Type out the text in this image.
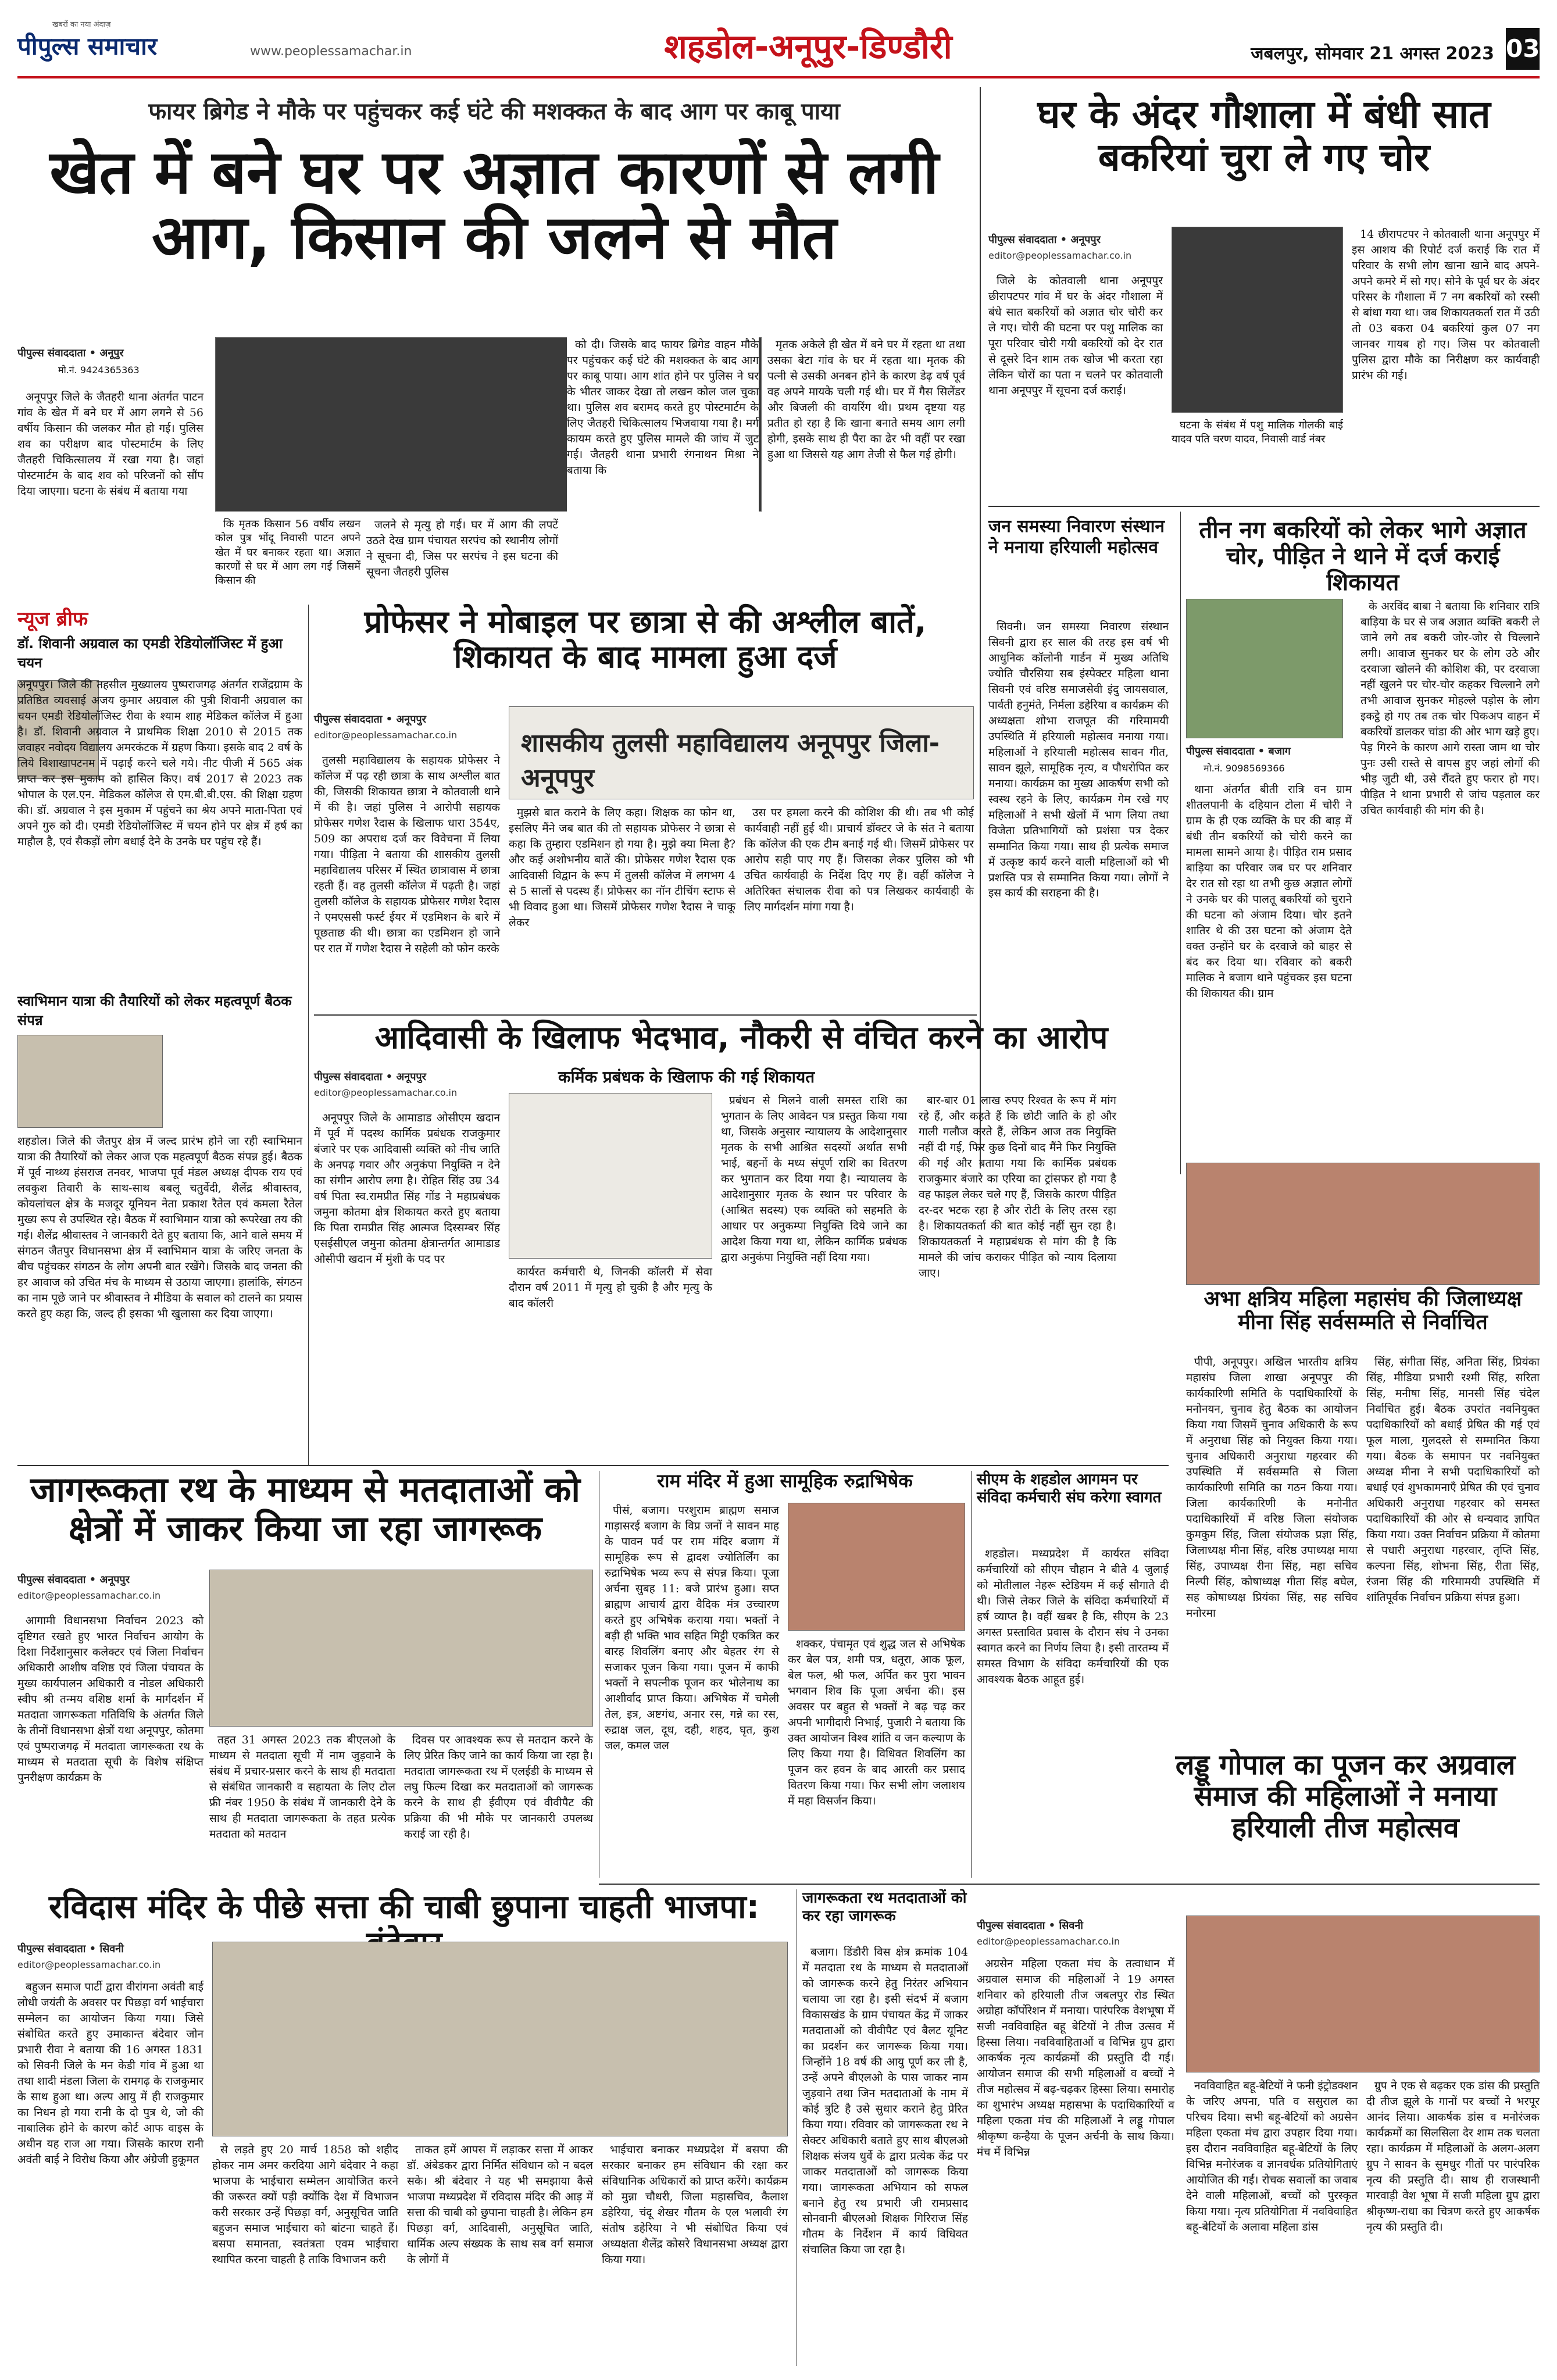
पीपुल्स समाचार
खबरों का नया अंदाज़
www.peoplessamachar.in	शहडोल-अनूपुर-डिण्डौरी	जबलपुर, सोमवार 21 अगस्त 2023 03
फायर ब्रिगेड ने मौके पर पहुंचकर कई घंटे की मशक्कत के बाद आग पर काबू पाया
खेत में बने घर पर अज्ञात कारणों से लगी आग, किसान की जलने से मौत
पीपुल्स संवाददाता • अनूपुर
मो.नं. 9424365363

अनूपपुर जिले के जैतहरी थाना अंतर्गत पाटन गांव के खेत में बने घर में आग लगने से 56 वर्षीय किसान की जलकर मौत हो गई। पुलिस शव का परीक्षण बाद पोस्टमार्टम के लिए जैतहरी चिकित्सालय में रखा गया है। जहां पोस्टमार्टम के बाद शव को परिजनों को सौंप दिया जाएगा। घटना के संबंध में बताया गया

कि मृतक किसान 56 वर्षीय लखन कोल पुत्र भोंदू निवासी पाटन अपने खेत में घर बनाकर रहता था। अज्ञात कारणों से घर में आग लग गई जिसमें किसान की

जलने से मृत्यु हो गई। घर में आग की लपटें उठते देख ग्राम पंचायत सरपंच को स्थानीय लोगों ने सूचना दी, जिस पर सरपंच ने इस घटना की सूचना जैतहरी पुलिस

को दी। जिसके बाद फायर ब्रिगेड वाहन मौके पर पहुंचकर कई घंटे की मशक्कत के बाद आग पर काबू पाया। आग शांत होने पर पुलिस ने घर के भीतर जाकर देखा तो लखन कोल जल चुका था। पुलिस शव बरामद करते हुए पोस्टमार्टम के लिए जैतहरी चिकित्सालय भिजवाया गया है। मर्ग कायम करते हुए पुलिस मामले की जांच में जुट गई। जैतहरी थाना प्रभारी रंगनाथन मिश्रा ने बताया कि

मृतक अकेले ही खेत में बने घर में रहता था तथा उसका बेटा गांव के घर में रहता था। मृतक की पत्नी से उसकी अनबन होने के कारण डेढ़ वर्ष पूर्व वह अपने मायके चली गई थी। घर में गैस सिलेंडर और बिजली की वायरिंग थी। प्रथम दृष्टया यह प्रतीत हो रहा है कि खाना बनाते समय आग लगी होगी, इसके साथ ही पैरा का ढेर भी वहीं पर रखा हुआ था जिससे यह आग तेजी से फैल गई होगी।

घर के अंदर गौशाला में बंधी सात बकरियां चुरा ले गए चोर
पीपुल्स संवाददाता • अनूपपुर
editor@peoplessamachar.co.in

जिले के कोतवाली थाना अनूपपुर छीरापटपर गांव में घर के अंदर गौशाला में बंधे सात बकरियों को अज्ञात चोर चोरी कर ले गए। चोरी की घटना पर पशु मालिक का पूरा परिवार चोरी गयी बकरियों को देर रात से दूसरे दिन शाम तक खोज भी करता रहा लेकिन चोरों का पता न चलने पर कोतवाली थाना अनूपपुर में सूचना दर्ज कराई।

घटना के संबंध में पशु मालिक गोलकी बाई यादव पति चरण यादव, निवासी वार्ड नंबर

14 छीरापटपर ने कोतवाली थाना अनूपपुर में इस आशय की रिपोर्ट दर्ज कराई कि रात में परिवार के सभी लोग खाना खाने बाद अपने-अपने कमरे में सो गए। सोने के पूर्व घर के अंदर परिसर के गौशाला में 7 नग बकरियों को रस्सी से बांधा गया था। जब शिकायतकर्ता रात में उठी तो 03 बकरा 04 बकरियां कुल 07 नग जानवर गायब हो गए। जिस पर कोतवाली पुलिस द्वारा मौके का निरीक्षण कर कार्यवाही प्रारंभ की गई।

जन समस्या निवारण संस्थान ने मनाया हरियाली महोत्सव

सिवनी। जन समस्या निवारण संस्थान सिवनी द्वारा हर साल की तरह इस वर्ष भी आधुनिक कॉलोनी गार्डन में मुख्य अतिथि ज्योति चौरसिया सब इंस्पेक्टर महिला थाना सिवनी एवं वरिष्ठ समाजसेवी इंदु जायसवाल, पार्वती हनुमंते, निर्मला डहेरिया व कार्यक्रम की अध्यक्षता शोभा राजपूत की गरिमामयी उपस्थिति में हरियाली महोत्सव मनाया गया। महिलाओं ने हरियाली महोत्सव सावन गीत, सावन झूले, सामूहिक नृत्य, व पौधरोपित कर मनाया। कार्यक्रम का मुख्य आकर्षण सभी को स्वस्थ रहने के लिए, कार्यक्रम गेम रखे गए महिलाओं ने सभी खेलों में भाग लिया तथा विजेता प्रतिभागियों को प्रशंसा पत्र देकर सम्मानित किया गया। साथ ही प्रत्येक समाज में उत्कृष्ट कार्य करने वाली महिलाओं को भी प्रशस्ति पत्र से सम्मानित किया गया। लोगों ने इस कार्य की सराहना की है।

तीन नग बकरियों को लेकर भागे अज्ञात चोर, पीड़ित ने थाने में दर्ज कराई शिकायत
पीपुल्स संवाददाता • बजाग
मो.नं. 9098569366

थाना अंतर्गत बीती रात्रि वन ग्राम शीतलपानी के दहियान टोला में चोरी ने ग्राम के ही एक व्यक्ति के घर की बाड़ में बंधी तीन बकरियों को चोरी करने का मामला सामने आया है। पीड़ित राम प्रसाद बाड़िया का परिवार जब घर पर शनिवार देर रात सो रहा था तभी कुछ अज्ञात लोगों ने उनके घर की पालतू बकरियों को चुराने की घटना को अंजाम दिया। चोर इतने शातिर थे की उस घटना को अंजाम देते वक्त उन्होंने घर के दरवाजे को बाहर से बंद कर दिया था। रविवार को बकरी मालिक ने बजाग थाने पहुंचकर इस घटना की शिकायत की। ग्राम

के अरविंद बाबा ने बताया कि शनिवार रात्रि बाड़िया के घर से जब अज्ञात व्यक्ति बकरी ले जाने लगे तब बकरी जोर-जोर से चिल्लाने लगी। आवाज सुनकर घर के लोग उठे और दरवाजा खोलने की कोशिश की, पर दरवाजा नहीं खुलने पर चोर-चोर कहकर चिल्लाने लगे तभी आवाज सुनकर मोहल्ले पड़ोस के लोग इकट्ठे हो गए तब तक चोर पिकअप वाहन में बकरियों डालकर चांडा की ओर भाग खड़े हुए। पेड़ गिरने के कारण आगे रास्ता जाम था चोर पुनः उसी रास्ते से वापस हुए जहां लोगों की भीड़ जुटी थी, उसे रौंदते हुए फरार हो गए। पीड़ित ने थाना प्रभारी से जांच पड़ताल कर उचित कार्यवाही की मांग की है।

न्यूज ब्रीफ
डॉ. शिवानी अग्रवाल का एमडी रेडियोलॉजिस्ट में हुआ चयन

अनूपपुर। जिले की तहसील मुख्यालय पुष्पराजगढ़ अंतर्गत राजेंद्रग्राम के प्रतिष्ठित व्यवसाई अजय कुमार अग्रवाल की पुत्री शिवानी अग्रवाल का चयन एमडी रेडियोलॉजिस्ट रीवा के श्याम शाह मेडिकल कॉलेज में हुआ है। डॉ. शिवानी अग्रवाल ने प्राथमिक शिक्षा 2010 से 2015 तक जवाहर नवोदय विद्यालय अमरकंटक में ग्रहण किया। इसके बाद 2 वर्ष के लिये विशाखापटनम में पढ़ाई करने चले गये। नीट पीजी में 565 अंक प्राप्त कर इस मुकाम को हासिल किए। वर्ष 2017 से 2023 तक भोपाल के एल.एन. मेडिकल कॉलेज से एम.बी.बी.एस. की शिक्षा ग्रहण की। डॉ. अग्रवाल ने इस मुकाम में पहुंचने का श्रेय अपने माता-पिता एवं अपने गुरु को दी। एमडी रेडियोलॉजिस्ट में चयन होने पर क्षेत्र में हर्ष का माहौल है, एवं सैकड़ों लोग बधाई देने के उनके घर पहुंच रहे हैं।

स्वाभिमान यात्रा की तैयारियों को लेकर महत्वपूर्ण बैठक संपन्न

शहडोल। जिले की जैतपुर क्षेत्र में जल्द प्रारंभ होने जा रही स्वाभिमान यात्रा की तैयारियों को लेकर आज एक महत्वपूर्ण बैठक संपन्न हुई। बैठक में पूर्व नाथ्थ्य हंसराज तनवर, भाजपा पूर्व मंडल अध्यक्ष दीपक राय एवं लवकुश तिवारी के साथ-साथ बबलू चतुर्वेदी, शैलेंद्र श्रीवास्तव, कोयलांचल क्षेत्र के मजदूर यूनियन नेता प्रकाश रैतेल एवं कमला रैतेल मुख्य रूप से उपस्थित रहे। बैठक में स्वाभिमान यात्रा को रूपरेखा तय की गई। शैलेंद्र श्रीवास्तव ने जानकारी देते हुए बताया कि, आने वाले समय में संगठन जैतपुर विधानसभा क्षेत्र में स्वाभिमान यात्रा के जरिए जनता के बीच पहुंचकर संगठन के लोग अपनी बात रखेंगे। जिसके बाद जनता की हर आवाज को उचित मंच के माध्यम से उठाया जाएगा। हालांकि, संगठन का नाम पूछे जाने पर श्रीवास्तव ने मीडिया के सवाल को टालने का प्रयास करते हुए कहा कि, जल्द ही इसका भी खुलासा कर दिया जाएगा।

प्रोफेसर ने मोबाइल पर छात्रा से की अश्लील बातें, शिकायत के बाद मामला हुआ दर्ज
पीपुल्स संवाददाता • अनूपपुर
editor@peoplessamachar.co.in	शासकीय तुलसी महाविद्यालय अनूपपुर जिला-अनूपपुर

तुलसी महाविद्यालय के सहायक प्रोफेसर ने कॉलेज में पढ़ रही छात्रा के साथ अश्लील बात की, जिसकी शिकायत छात्रा ने कोतवाली थाने में की है। जहां पुलिस ने आरोपी सहायक प्रोफेसर गणेश रैदास के खिलाफ धारा 354ए, 509 का अपराध दर्ज कर विवेचना में लिया गया। पीड़िता ने बताया की शासकीय तुलसी महाविद्यालय परिसर में स्थित छात्रावास में छात्रा रहती हैं। वह तुलसी कॉलेज में पढ़ती है। जहां तुलसी कॉलेज के सहायक प्रोफेसर गणेश रैदास ने एमएससी फर्स्ट ईयर में एडमिशन के बारे में पूछताछ की थी। छात्रा का एडमिशन हो जाने पर रात में गणेश रैदास ने सहेली को फोन करके

मुझसे बात कराने के लिए कहा। शिक्षक का फोन था, इसलिए मैंने जब बात की तो सहायक प्रोफेसर ने छात्रा से कहा कि तुम्हारा एडमिशन हो गया है। मुझे क्या मिला है? और कई अशोभनीय बातें की। प्रोफेसर गणेश रैदास एक आदिवासी विद्वान के रूप में तुलसी कॉलेज में लगभग 4 से 5 सालों से पदस्थ हैं। प्रोफेसर का नॉन टीचिंग स्टाफ से भी विवाद हुआ था। जिसमें प्रोफेसर गणेश रैदास ने चाकू लेकर

उस पर हमला करने की कोशिश की थी। तब भी कोई कार्यवाही नहीं हुई थी। प्राचार्य डॉक्टर जे के संत ने बताया कि कॉलेज की एक टीम बनाई गई थी। जिसमें प्रोफेसर पर आरोप सही पाए गए हैं। जिसका लेकर पुलिस को भी उचित कार्यवाही के निर्देश दिए गए हैं। वहीं कॉलेज ने अतिरिक्त संचालक रीवा को पत्र लिखकर कार्यवाही के लिए मार्गदर्शन मांगा गया है।

आदिवासी के खिलाफ भेदभाव, नौकरी से वंचित करने का आरोप
पीपुल्स संवाददाता • अनूपपुर
editor@peoplessamachar.co.in
कर्मिक प्रबंधक के खिलाफ की गई शिकायत

कार्यरत कर्मचारी थे, जिनकी कॉलरी में सेवा दौरान वर्ष 2011 में मृत्यु हो चुकी है और मृत्यु के बाद कॉलरी

अनूपपुर जिले के आमाडाड ओसीएम खदान में पूर्व में पदस्थ कार्मिक प्रबंधक राजकुमार बंजारे पर एक आदिवासी व्यक्ति को नीच जाति के अनपढ़ गवार और अनुकंपा नियुक्ति न देने का संगीन आरोप लगा है। रोहित सिंह उम्र 34 वर्ष पिता स्व.रामप्रीत सिंह गोंड ने महाप्रबंधक जमुना कोतमा क्षेत्र शिकायत करते हुए बताया कि पिता रामप्रीत सिंह आत्मज दिस्सम्बर सिंह एसईसीएल जमुना कोतमा क्षेत्रान्तर्गत आमाडाड ओसीपी खदान में मुंशी के पद पर

प्रबंधन से मिलने वाली समस्त राशि का भुगतान के लिए आवेदन पत्र प्रस्तुत किया गया था, जिसके अनुसार न्यायालय के आदेशानुसार मृतक के सभी आश्रित सदस्यों अर्थात सभी भाई, बहनों के मध्य संपूर्ण राशि का वितरण कर भुगतान कर दिया गया है। न्यायालय के आदेशानुसार मृतक के स्थान पर परिवार के (आश्रित सदस्य) एक व्यक्ति को सहमति के आधार पर अनुकम्पा नियुक्ति दिये जाने का आदेश किया गया था, लेकिन कार्मिक प्रबंधक द्वारा अनुकंपा नियुक्ति नहीं दिया गया।

बार-बार 01 लाख रुपए रिश्वत के रूप में मांग रहे हैं, और कहते हैं कि छोटी जाति के हो और गाली गलौज करते हैं, लेकिन आज तक नियुक्ति नहीं दी गई, फिर कुछ दिनों बाद मैंने फिर नियुक्ति की गई और बताया गया कि कार्मिक प्रबंधक राजकुमार बंजारे का एरिया का ट्रांसफर हो गया है वह फाइल लेकर चले गए हैं, जिसके कारण पीड़ित दर-दर भटक रहा है और रोटी के लिए तरस रहा है। शिकायतकर्ता की बात कोई नहीं सुन रहा है। शिकायतकर्ता ने महाप्रबंधक से मांग की है कि मामले की जांच कराकर पीड़ित को न्याय दिलाया जाए।

अभा क्षत्रिय महिला महासंघ की जिलाध्यक्ष मीना सिंह सर्वसम्मति से निर्वाचित

पीपी, अनूपपुर। अखिल भारतीय क्षत्रिय महासंघ जिला शाखा अनूपपुर की कार्यकारिणी समिति के पदाधिकारियों के मनोनयन, चुनाव हेतु बैठक का आयोजन किया गया जिसमें चुनाव अधिकारी के रूप में अनुराधा सिंह को नियुक्त किया गया। चुनाव अधिकारी अनुराधा गहरवार की उपस्थिति में सर्वसम्मति से जिला कार्यकारिणी समिति का गठन किया गया। जिला कार्यकारिणी के मनोनीत पदाधिकारियों में वरिष्ठ जिला संयोजक कुमकुम सिंह, जिला संयोजक प्रज्ञा सिंह, जिलाध्यक्ष मीना सिंह, वरिष्ठ उपाध्यक्ष माया सिंह, उपाध्यक्ष रीना सिंह, महा सचिव निल्पी सिंह, कोषाध्यक्ष गीता सिंह बघेल, सह कोषाध्यक्ष प्रियंका सिंह, सह सचिव मनोरमा

सिंह, संगीता सिंह, अनिता सिंह, प्रियंका सिंह, मीडिया प्रभारी रश्मी सिंह, सरिता सिंह, मनीषा सिंह, मानसी सिंह चंदेल निर्वाचित हुई। बैठक उपरांत नवनियुक्त पदाधिकारियों को बधाई प्रेषित की गई एवं फूल माला, गुलदस्ते से सम्मानित किया गया। बैठक के समापन पर नवनियुक्त अध्यक्ष मीना ने सभी पदाधिकारियों को बधाई एवं शुभकामनाएँ प्रेषित की एवं चुनाव अधिकारी अनुराधा गहरवार को समस्त पदाधिकारियों की ओर से धन्यवाद ज्ञापित किया गया। उक्त निर्वाचन प्रक्रिया में कोतमा से पधारी अनुराधा गहरवार, तृप्ति सिंह, कल्पना सिंह, शोभना सिंह, रीता सिंह, रंजना सिंह की गरिमामयी उपस्थिति में शांतिपूर्वक निर्वाचन प्रक्रिया संपन्न हुआ।

जागरूकता रथ के माध्यम से मतदाताओं को क्षेत्रों में जाकर किया जा रहा जागरूक
पीपुल्स संवाददाता • अनूपपुर
editor@peoplessamachar.co.in

आगामी विधानसभा निर्वाचन 2023 को दृष्टिगत रखते हुए भारत निर्वाचन आयोग के दिशा निर्देशानुसार कलेक्टर एवं जिला निर्वाचन अधिकारी आशीष वशिष्ठ एवं जिला पंचायत के मुख्य कार्यपालन अधिकारी व नोडल अधिकारी स्वीप श्री तन्मय वशिष्ठ शर्मा के मार्गदर्शन में मतदाता जागरूकता गतिविधि के अंतर्गत जिले के तीनों विधानसभा क्षेत्रों यथा अनूपपुर, कोतमा एवं पुष्पराजगढ़ में मतदाता जागरूकता रथ के माध्यम से मतदाता सूची के विशेष संक्षिप्त पुनरीक्षण कार्यक्रम के

तहत 31 अगस्त 2023 तक बीएलओ के माध्यम से मतदाता सूची में नाम जुड़वाने के संबंध में प्रचार-प्रसार करने के साथ ही मतदाता से संबंधित जानकारी व सहायता के लिए टोल फ्री नंबर 1950 के संबंध में जानकारी देने के साथ ही मतदाता जागरूकता के तहत प्रत्येक मतदाता को मतदान

दिवस पर आवश्यक रूप से मतदान करने के लिए प्रेरित किए जाने का कार्य किया जा रहा है। मतदाता जागरूकता रथ में एलईडी के माध्यम से लघु फिल्म दिखा कर मतदाताओं को जागरूक करने के साथ ही ईवीएम एवं वीवीपैट की प्रक्रिया की भी मौके पर जानकारी उपलब्ध कराई जा रही है।

राम मंदिर में हुआ सामूहिक रुद्राभिषेक

पीसं, बजाग। परशुराम ब्राह्मण समाज गाड़ासरई बजाग के विप्र जनों ने सावन माह के पावन पर्व पर राम मंदिर बजाग में सामूहिक रूप से द्वादश ज्योतिर्लिंग का रुद्राभिषेक भव्य रूप से संपन्न किया। पूजा अर्चना सुबह 11: बजे प्रारंभ हुआ। सप्त ब्राह्मण आचार्य द्वारा वैदिक मंत्र उच्चारण करते हुए अभिषेक कराया गया। भक्तों ने बड़ी ही भक्ति भाव सहित मिट्टी एकत्रित कर बारह शिवलिंग बनाए और बेहतर रंग से सजाकर पूजन किया गया। पूजन में काफी भक्तों ने सपत्नीक पूजन कर भोलेनाथ का आशीर्वाद प्राप्त किया। अभिषेक में चमेली तेल, इत्र, अष्टगंध, अनार रस, गन्ने का रस, रुद्राक्ष जल, दूध, दही, शहद, घृत, कुश जल, कमल जल

शक्कर, पंचामृत एवं शुद्ध जल से अभिषेक कर बेल पत्र, शमी पत्र, धतूरा, आक फूल, बेल फल, श्री फल, अर्पित कर पुरा भावन भगवान शिव कि पूजा अर्चना की। इस अवसर पर बहुत से भक्तों ने बढ़ चढ़ कर अपनी भागीदारी निभाई, पुजारी ने बताया कि उक्त आयोजन विश्व शांति व जन कल्याण के लिए किया गया है। विधिवत शिवलिंग का पूजन कर हवन के बाद आरती कर प्रसाद वितरण किया गया। फिर सभी लोग जलाशय में महा विसर्जन किया।

सीएम के शहडोल आगमन पर संविदा कर्मचारी संघ करेगा स्वागत

शहडोल। मध्यप्रदेश में कार्यरत संविदा कर्मचारियों को सीएम चौहान ने बीते 4 जुलाई को मोतीलाल नेहरू स्टेडियम में कई सौगाते दी थी। जिसे लेकर जिले के संविदा कर्मचारियों में हर्ष व्याप्त है। वहीं खबर है कि, सीएम के 23 अगस्त प्रस्तावित प्रवास के दौरान संघ ने उनका स्वागत करने का निर्णय लिया है। इसी तारतम्य में समस्त विभाग के संविदा कर्मचारियों की एक आवश्यक बैठक आहूत हुई।

लड्डू गोपाल का पूजन कर अग्रवाल समाज की महिलाओं ने मनाया हरियाली तीज महोत्सव
पीपुल्स संवाददाता • सिवनी
editor@peoplessamachar.co.in

अग्रसेन महिला एकता मंच के तत्वाधान में अग्रवाल समाज की महिलाओं ने 19 अगस्त शनिवार को हरियाली तीज जबलपुर रोड स्थित अग्रोहा कॉर्पोरेशन में मनाया। पारंपरिक वेशभूषा में सजी नवविवाहित बहू बेटियों ने तीज उत्सव में हिस्सा लिया। नवविवाहिताओं व विभिन्न ग्रुप द्वारा आकर्षक नृत्य कार्यक्रमों की प्रस्तुति दी गई। आयोजन समाज की सभी महिलाओं व बच्चों ने तीज महोत्सव में बढ़-चढ़कर हिस्सा लिया। समारोह का शुभारंभ अध्यक्ष महासभा के पदाधिकारियों व महिला एकता मंच की महिलाओं ने लड्डू गोपाल श्रीकृष्ण कन्हैया के पूजन अर्चनी के साथ किया। मंच में विभिन्न

नवविवाहित बहू-बेटियों ने फनी इंट्रोडक्शन के जरिए अपना, पति व ससुराल का परिचय दिया। सभी बहू-बेटियों को अग्रसेन महिला एकता मंच द्वारा उपहार दिया गया। इस दौरान नवविवाहित बहू-बेटियों के लिए विभिन्न मनोरंजक व ज्ञानवर्धक प्रतियोगिताएं आयोजित की गईं। रोचक सवालों का जवाब देने वाली महिलाओं, बच्चों को पुरस्कृत किया गया। नृत्य प्रतियोगिता में नवविवाहित बहू-बेटियों के अलावा महिला डांस

ग्रुप ने एक से बढ़कर एक डांस की प्रस्तुति दी तीज झूले के गानों पर बच्चों ने भरपूर आनंद लिया। आकर्षक डांस व मनोरंजक कार्यक्रमों का सिलसिला देर शाम तक चलता रहा। कार्यक्रम में महिलाओं के अलग-अलग ग्रुप ने सावन के सुमधुर गीतों पर पारंपरिक नृत्य की प्रस्तुति दी। साथ ही राजस्थानी मारवाड़ी वेश भूषा में सजी महिला ग्रुप द्वारा श्रीकृष्ण-राधा का चित्रण करते हुए आकर्षक नृत्य की प्रस्तुति दी।

रविदास मंदिर के पीछे सत्ता की चाबी छुपाना चाहती भाजपा:
पीपुल्स संवाददाता • सिवनी
editor@peoplessamachar.co.in

बहुजन समाज पार्टी द्वारा वीरांगना अवंती बाई लोधी जयंती के अवसर पर पिछड़ा वर्ग भाईचारा सम्मेलन का आयोजन किया गया। जिसे संबोधित करते हुए उमाकान्त बंदेवार जोन प्रभारी रीवा ने बताया की 16 अगस्त 1831 को सिवनी जिले के मन केडी गांव में हुआ था तथा शादी मंडला जिला के रामगढ़ के राजकुमार के साथ हुआ था। अल्प आयु में ही राजकुमार का निधन हो गया रानी के दो पुत्र थे, जो की नाबालिक होने के कारण कोर्ट आफ वाइस के अधीन यह राज आ गया। जिसके कारण रानी अवंती बाई ने विरोध किया और अंग्रेजी हुकूमत

से लड़ते हुए 20 मार्च 1858 को शहीद होकर नाम अमर करदिया आगे बंदेवार ने कहा भाजपा के भाईचारा सम्मेलन आयोजित करने की जरूरत क्यों पड़ी क्योंकि देश में विभाजन करी सरकार उन्हें पिछड़ा वर्ग, अनुसूचित जाति बहुजन समाज भाईचारा को बांटना चाहते हैं। बसपा समानता, स्वतंत्रता एवम भाईचारा स्थापित करना चाहती है ताकि विभाजन करी

ताकत हमें आपस में लड़ाकर सत्ता में आकर डॉ. अंबेडकर द्वारा निर्मित संविधान को न बदल सके। श्री बंदेवार ने यह भी समझाया कैसे भाजपा मध्यप्रदेश में रविदास मंदिर की आड़ में सत्ता की चाबी को छुपाना चाहती है। लेकिन हम पिछड़ा वर्ग, आदिवासी, अनुसूचित जाति, धार्मिक अल्प संख्यक के साथ सब वर्ग समाज के लोगों में

भाईचारा बनाकर मध्यप्रदेश में बसपा की सरकार बनाकर हम संविधान की रक्षा कर संविधानिक अधिकारों को प्राप्त करेंगे। कार्यक्रम को मुन्ना चौधरी, जिला महासचिव, कैलाश डहेरिया, चंदू शेखर गौतम के एल भलावी रंग संतोष डहेरिया ने भी संबोधित किया एवं अध्यक्षता शैलेंद्र कोसरे विधानसभा अध्यक्ष द्वारा किया गया।

जागरूकता रथ मतदाताओं को कर रहा जागरूक

बजाग। डिंडौरी विस क्षेत्र क्रमांक 104 में मतदाता रथ के माध्यम से मतदाताओं को जागरूक करने हेतु निरंतर अभियान चलाया जा रहा है। इसी संदर्भ में बजाग विकासखंड के ग्राम पंचायत केंद्र में जाकर मतदाताओं को वीवीपैट एवं बैलट यूनिट का प्रदर्शन कर जागरूक किया गया। जिन्होंने 18 वर्ष की आयु पूर्ण कर ली है, उन्हें अपने बीएलओ के पास जाकर नाम जुड़वाने तथा जिन मतदाताओं के नाम में कोई त्रुटि है उसे सुधार कराने हेतु प्रेरित किया गया। रविवार को जागरूकता रथ ने सेक्टर अधिकारी बताते हुए साथ बीएलओ शिक्षक संजय धुर्वे के द्वारा प्रत्येक केंद्र पर जाकर मतदाताओं को जागरूक किया गया। जागरूकता अभियान को सफल बनाने हेतु रथ प्रभारी जी रामप्रसाद सोनवानी बीएलओ शिक्षक गिरिराज सिंह गौतम के निर्देशन में कार्य विधिवत संचालित किया जा रहा है।
